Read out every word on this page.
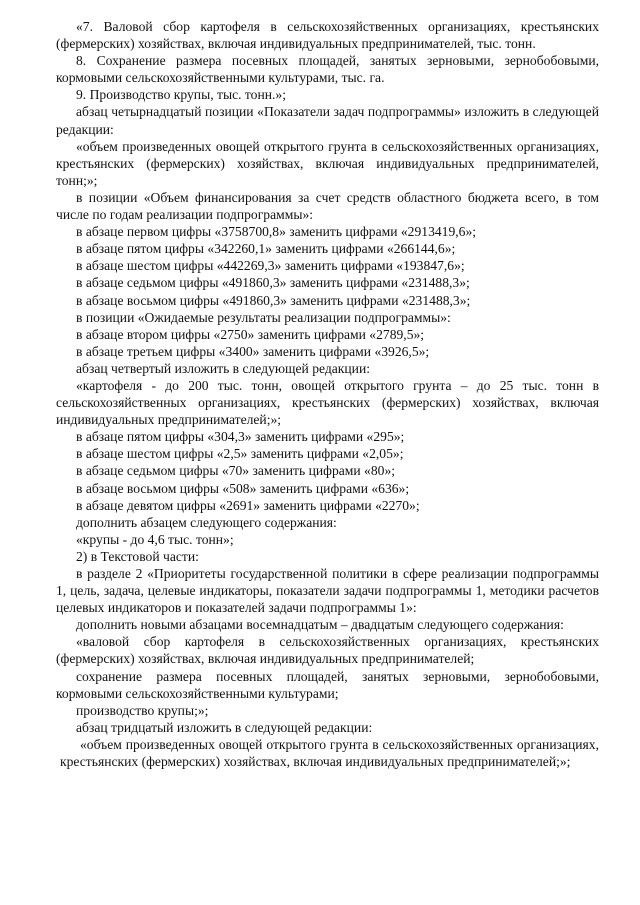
«7. Валовой сбор картофеля в сельскохозяйственных организациях, крестьянских (фермерских) хозяйствах, включая индивидуальных предпринимателей, тыс. тонн.

8. Сохранение размера посевных площадей, занятых зерновыми, зернобобовыми, кормовыми сельскохозяйственными культурами, тыс. га.

9. Производство крупы, тыс. тонн.»;

абзац четырнадцатый позиции «Показатели задач подпрограммы» изложить в следующей редакции:

«объем произведенных овощей открытого грунта в сельскохозяйственных организациях, крестьянских (фермерских) хозяйствах, включая индивидуальных предпринимателей, тонн;»;

в позиции «Объем финансирования за счет средств областного бюджета всего, в том числе по годам реализации подпрограммы»:

в абзаце первом цифры «3758700,8» заменить цифрами «2913419,6»;

в абзаце пятом цифры «342260,1» заменить цифрами «266144,6»;

в абзаце шестом цифры «442269,3» заменить цифрами «193847,6»;

в абзаце седьмом цифры «491860,3» заменить цифрами «231488,3»;

в абзаце восьмом цифры «491860,3» заменить цифрами «231488,3»;

в позиции «Ожидаемые результаты реализации подпрограммы»:

в абзаце втором цифры «2750» заменить цифрами «2789,5»;

в абзаце третьем цифры «3400» заменить цифрами «3926,5»;

абзац четвертый изложить в следующей редакции:

«картофеля - до 200 тыс. тонн, овощей открытого грунта – до 25 тыс. тонн в сельскохозяйственных организациях, крестьянских (фермерских) хозяйствах, включая индивидуальных предпринимателей;»;

в абзаце пятом цифры «304,3» заменить цифрами «295»;

в абзаце шестом цифры «2,5» заменить цифрами «2,05»;

в абзаце седьмом цифры «70» заменить цифрами «80»;

в абзаце восьмом цифры «508» заменить цифрами «636»;

в абзаце девятом цифры «2691» заменить цифрами «2270»;

дополнить абзацем следующего содержания:

«крупы - до 4,6 тыс. тонн»;

2) в Текстовой части:

в разделе 2 «Приоритеты государственной политики в сфере реализации подпрограммы 1, цель, задача, целевые индикаторы, показатели задачи подпрограммы 1, методики расчетов целевых индикаторов и показателей задачи подпрограммы 1»:

дополнить новыми абзацами восемнадцатым – двадцатым следующего содержания:

«валовой сбор картофеля в сельскохозяйственных организациях, крестьянских (фермерских) хозяйствах, включая индивидуальных предпринимателей;

сохранение размера посевных площадей, занятых зерновыми, зернобобовыми, кормовыми сельскохозяйственными культурами;

производство крупы;»;

абзац тридцатый изложить в следующей редакции:

«объем произведенных овощей открытого грунта в сельскохозяйственных организациях, крестьянских (фермерских) хозяйствах, включая индивидуальных предпринимателей;»;
